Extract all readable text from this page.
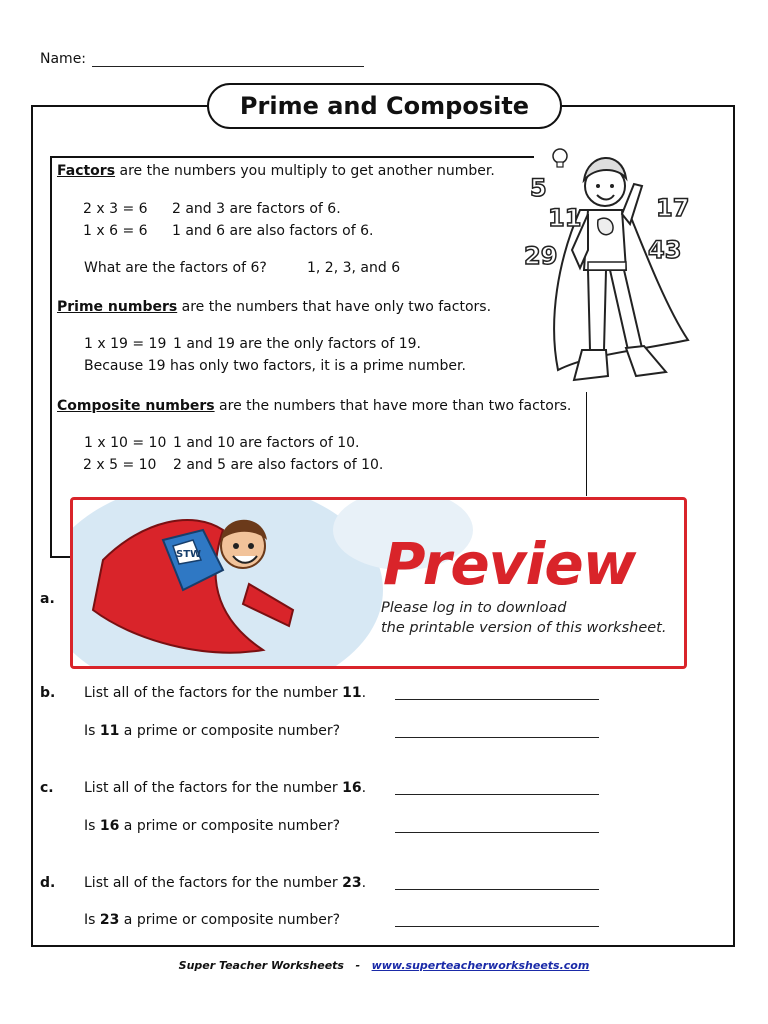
Name:
Prime and Composite
Factors are the numbers you multiply to get another number.
2 x 3 = 6 2 and 3 are factors of 6.
1 x 6 = 6 1 and 6 are also factors of 6.
What are the factors of 6?	1, 2, 3, and 6
Prime numbers are the numbers that have only two factors.
1 x 19 = 19 1 and 19 are the only factors of 19.
Because 19 has only two factors, it is a prime number.
Composite numbers are the numbers that have more than two factors.
1 x 10 = 10 1 and 10 are factors of 10.
2 x 5 = 10 2 and 5 are also factors of 10.
5
11
29
17
43
STW	Preview
Please log in to download
the printable version of this worksheet.
a.
b. List all of the factors for the number 11.
Is 11 a prime or composite number?
c. List all of the factors for the number 16.
Is 16 a prime or composite number?
d. List all of the factors for the number 23.
Is 23 a prime or composite number?
Super Teacher Worksheets - www.superteacherworksheets.com
